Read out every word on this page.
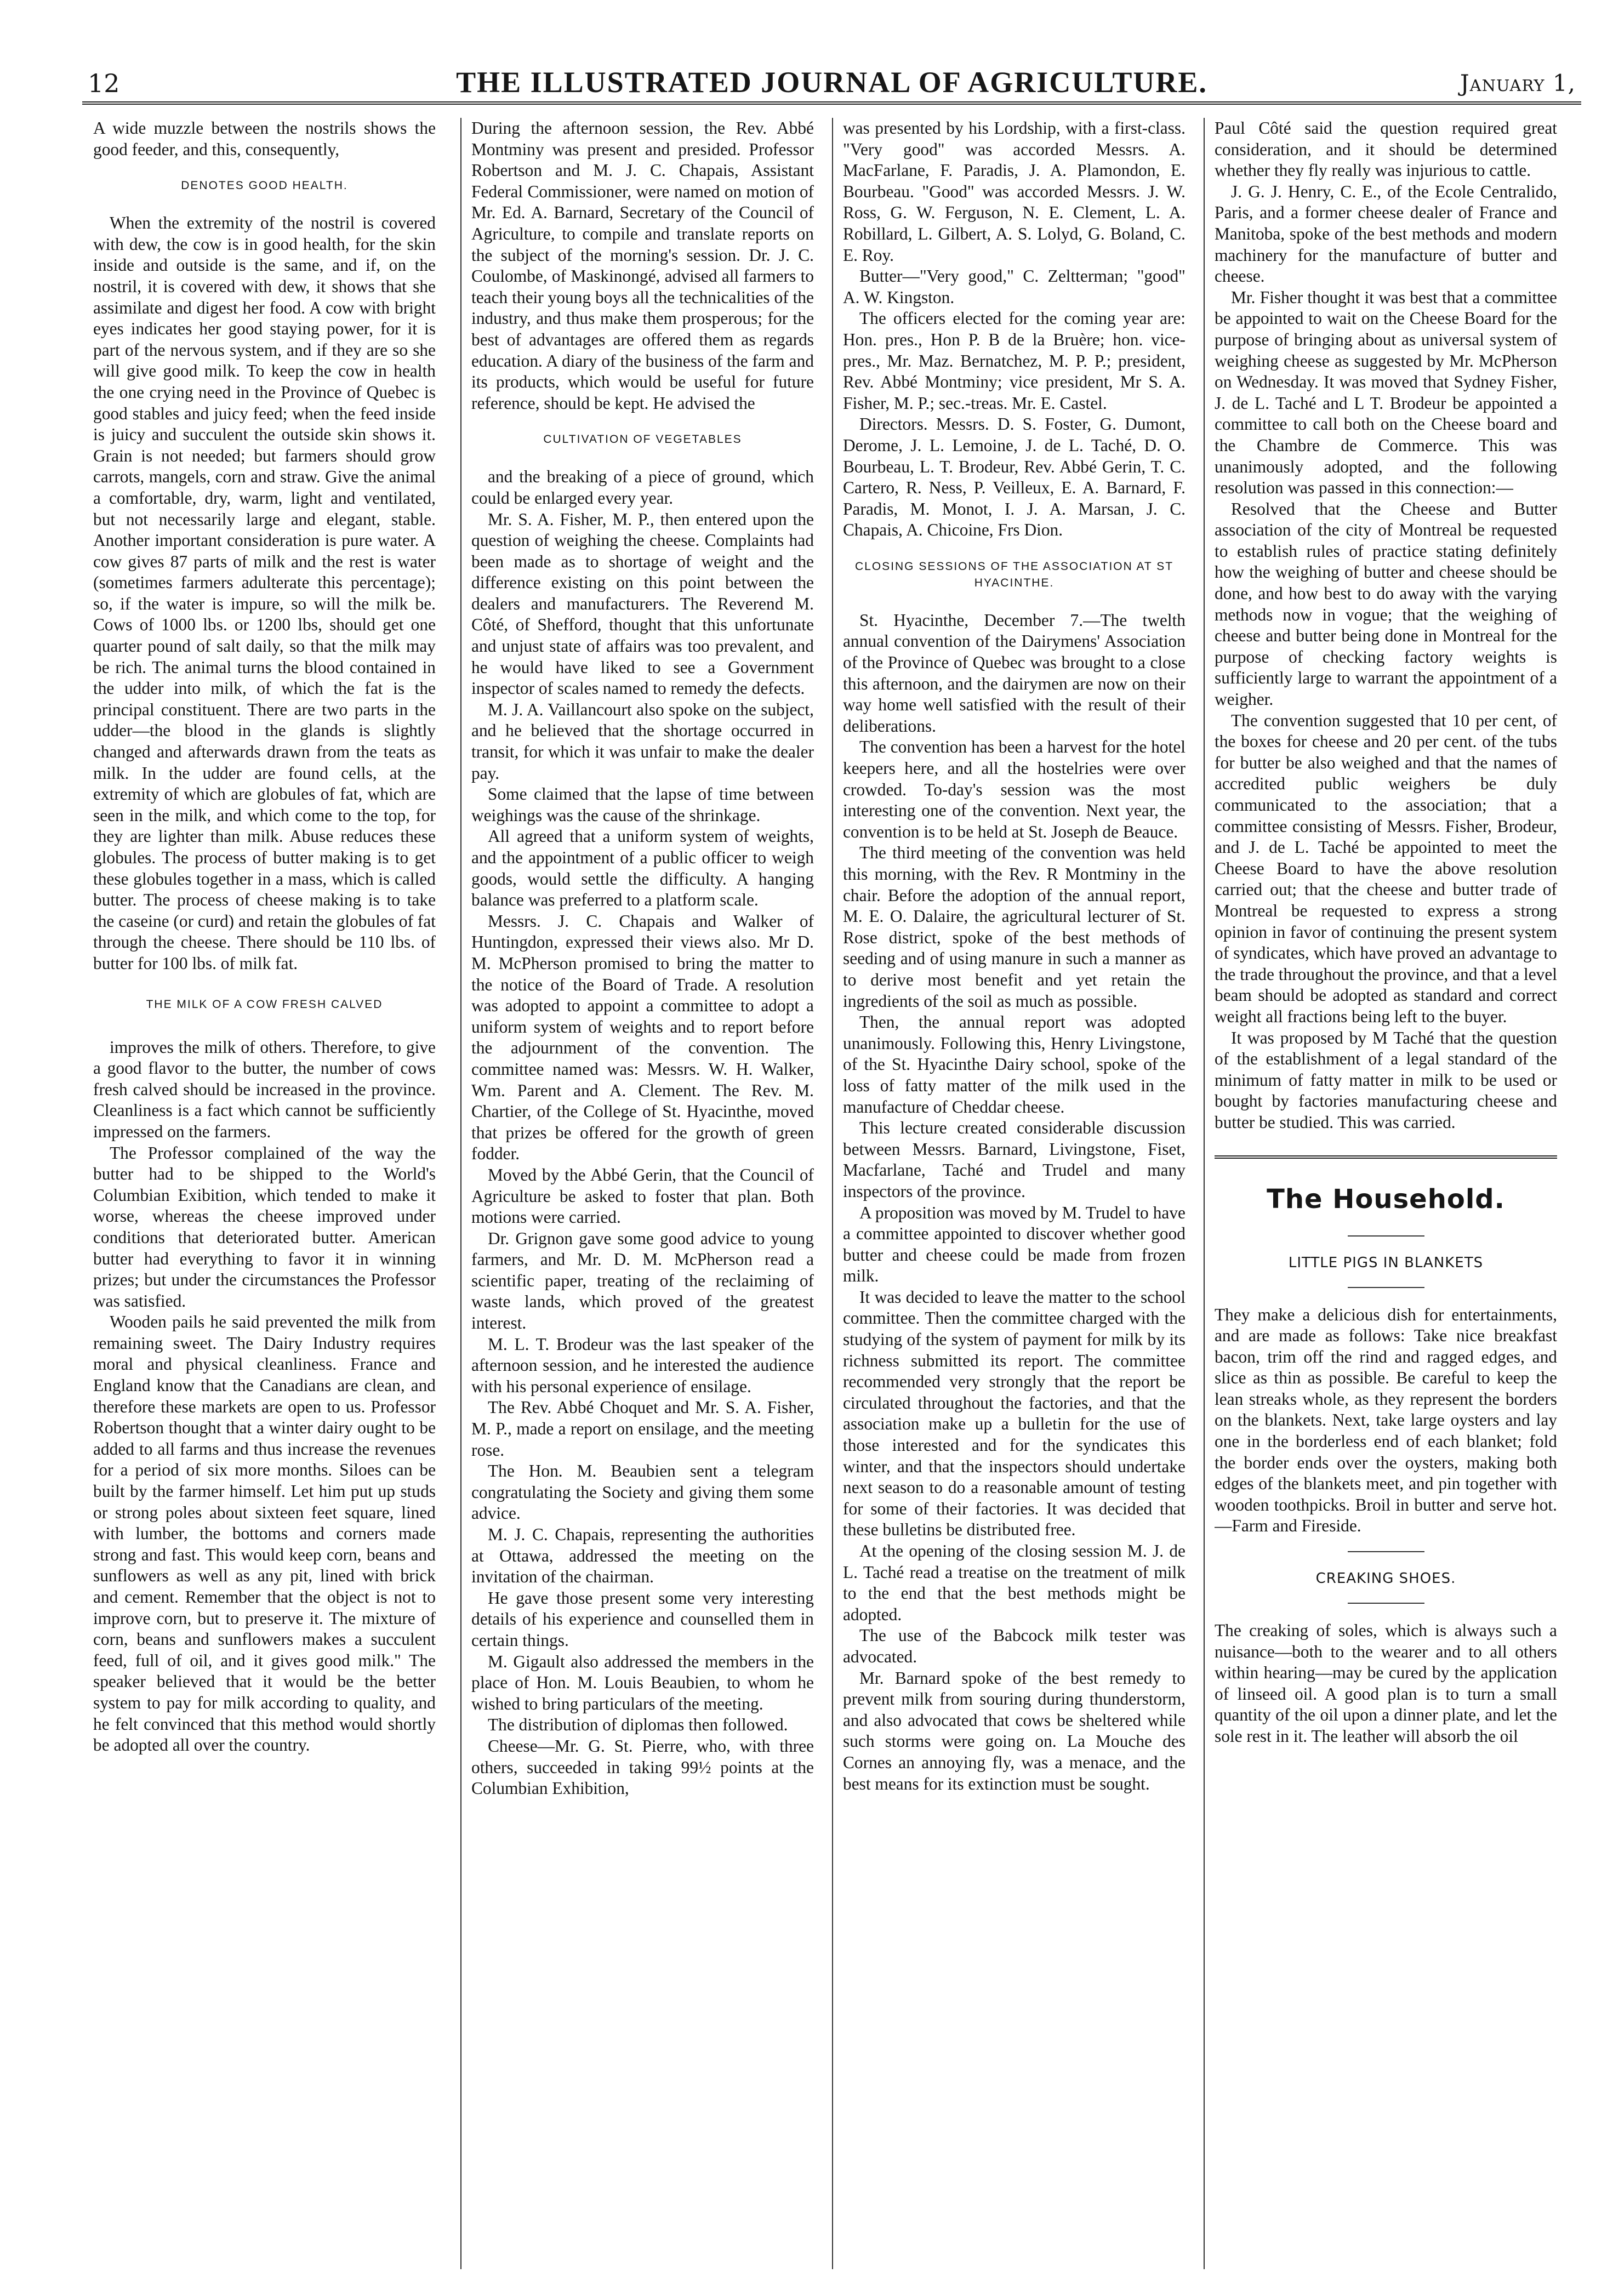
12	THE ILLUSTRATED JOURNAL OF AGRICULTURE.	January 1,

A wide muzzle between the nostrils shows the good feeder, and this, consequently,

DENOTES GOOD HEALTH.

When the extremity of the nostril is covered with dew, the cow is in good health, for the skin inside and outside is the same, and if, on the nostril, it is covered with dew, it shows that she assimilate and digest her food. A cow with bright eyes indicates her good staying power, for it is part of the nervous system, and if they are so she will give good milk. To keep the cow in health the one crying need in the Province of Quebec is good stables and juicy feed; when the feed inside is juicy and succulent the outside skin shows it. Grain is not needed; but farmers should grow carrots, mangels, corn and straw. Give the animal a comfortable, dry, warm, light and ventilated, but not necessarily large and elegant, stable. Another important consideration is pure water. A cow gives 87 parts of milk and the rest is water (sometimes farmers adulterate this percentage); so, if the water is impure, so will the milk be. Cows of 1000 lbs. or 1200 lbs, should get one quarter pound of salt daily, so that the milk may be rich. The animal turns the blood contained in the udder into milk, of which the fat is the principal constituent. There are two parts in the udder—the blood in the glands is slightly changed and afterwards drawn from the teats as milk. In the udder are found cells, at the extremity of which are globules of fat, which are seen in the milk, and which come to the top, for they are lighter than milk. Abuse reduces these globules. The process of butter making is to get these globules together in a mass, which is called butter. The process of cheese making is to take the caseine (or curd) and retain the globules of fat through the cheese. There should be 110 lbs. of butter for 100 lbs. of milk fat.

THE MILK OF A COW FRESH CALVED

improves the milk of others. Therefore, to give a good flavor to the butter, the number of cows fresh calved should be increased in the province. Cleanliness is a fact which cannot be sufficiently impressed on the farmers.

The Professor complained of the way the butter had to be shipped to the World's Columbian Exibition, which tended to make it worse, whereas the cheese improved under conditions that deteriorated butter. American butter had everything to favor it in winning prizes; but under the circumstances the Professor was satisfied.

Wooden pails he said prevented the milk from remaining sweet. The Dairy Industry requires moral and physical cleanliness. France and England know that the Canadians are clean, and therefore these markets are open to us. Professor Robertson thought that a winter dairy ought to be added to all farms and thus increase the revenues for a period of six more months. Siloes can be built by the farmer himself. Let him put up studs or strong poles about sixteen feet square, lined with lumber, the bottoms and corners made strong and fast. This would keep corn, beans and sunflowers as well as any pit, lined with brick and cement. Remember that the object is not to improve corn, but to preserve it. The mixture of corn, beans and sunflowers makes a succulent feed, full of oil, and it gives good milk." The speaker believed that it would be the better system to pay for milk according to quality, and he felt convinced that this method would shortly be adopted all over the country.

During the afternoon session, the Rev. Abbé Montminy was present and presided. Professor Robertson and M. J. C. Chapais, Assistant Federal Commissioner, were named on motion of Mr. Ed. A. Barnard, Secretary of the Council of Agriculture, to compile and translate reports on the subject of the morning's session. Dr. J. C. Coulombe, of Maskinongé, advised all farmers to teach their young boys all the technicalities of the industry, and thus make them prosperous; for the best of advantages are offered them as regards education. A diary of the business of the farm and its products, which would be useful for future reference, should be kept. He advised the

CULTIVATION OF VEGETABLES

and the breaking of a piece of ground, which could be enlarged every year.

Mr. S. A. Fisher, M. P., then entered upon the question of weighing the cheese. Complaints had been made as to shortage of weight and the difference existing on this point between the dealers and manufacturers. The Reverend M. Côté, of Shefford, thought that this unfortunate and unjust state of affairs was too prevalent, and he would have liked to see a Government inspector of scales named to remedy the defects.

M. J. A. Vaillancourt also spoke on the subject, and he believed that the shortage occurred in transit, for which it was unfair to make the dealer pay.

Some claimed that the lapse of time between weighings was the cause of the shrinkage.

All agreed that a uniform system of weights, and the appointment of a public officer to weigh goods, would settle the difficulty. A hanging balance was preferred to a platform scale.

Messrs. J. C. Chapais and Walker of Huntingdon, expressed their views also. Mr D. M. McPherson promised to bring the matter to the notice of the Board of Trade. A resolution was adopted to appoint a committee to adopt a uniform system of weights and to report before the adjournment of the convention. The committee named was: Messrs. W. H. Walker, Wm. Parent and A. Clement. The Rev. M. Chartier, of the College of St. Hyacinthe, moved that prizes be offered for the growth of green fodder.

Moved by the Abbé Gerin, that the Council of Agriculture be asked to foster that plan. Both motions were carried.

Dr. Grignon gave some good advice to young farmers, and Mr. D. M. McPherson read a scientific paper, treating of the reclaiming of waste lands, which proved of the greatest interest.

M. L. T. Brodeur was the last speaker of the afternoon session, and he interested the audience with his personal experience of ensilage.

The Rev. Abbé Choquet and Mr. S. A. Fisher, M. P., made a report on ensilage, and the meeting rose.

The Hon. M. Beaubien sent a telegram congratulating the Society and giving them some advice.

M. J. C. Chapais, representing the authorities at Ottawa, addressed the meeting on the invitation of the chairman.

He gave those present some very interesting details of his experience and counselled them in certain things.

M. Gigault also addressed the members in the place of Hon. M. Louis Beaubien, to whom he wished to bring particulars of the meeting.

The distribution of diplomas then followed.

Cheese—Mr. G. St. Pierre, who, with three others, succeeded in taking 99½ points at the Columbian Exhibition,

was presented by his Lordship, with a first-class. "Very good" was accorded Messrs. A. MacFarlane, F. Paradis, J. A. Plamondon, E. Bourbeau. "Good" was accorded Messrs. J. W. Ross, G. W. Ferguson, N. E. Clement, L. A. Robillard, L. Gilbert, A. S. Lolyd, G. Boland, C. E. Roy.

Butter—"Very good," C. Zeltterman; "good" A. W. Kingston.

The officers elected for the coming year are: Hon. pres., Hon P. B de la Bruère; hon. vice-pres., Mr. Maz. Bernatchez, M. P. P.; president, Rev. Abbé Montminy; vice president, Mr S. A. Fisher, M. P.; sec.-treas. Mr. E. Castel.

Directors. Messrs. D. S. Foster, G. Dumont, Derome, J. L. Lemoine, J. de L. Taché, D. O. Bourbeau, L. T. Brodeur, Rev. Abbé Gerin, T. C. Cartero, R. Ness, P. Veilleux, E. A. Barnard, F. Paradis, M. Monot, I. J. A. Marsan, J. C. Chapais, A. Chicoine, Frs Dion.

CLOSING SESSIONS OF THE ASSOCIATION AT ST HYACINTHE.

St. Hyacinthe, December 7.—The twelth annual convention of the Dairymens' Association of the Province of Quebec was brought to a close this afternoon, and the dairymen are now on their way home well satisfied with the result of their deliberations.

The convention has been a harvest for the hotel keepers here, and all the hostelries were over crowded. To-day's session was the most interesting one of the convention. Next year, the convention is to be held at St. Joseph de Beauce.

The third meeting of the convention was held this morning, with the Rev. R Montminy in the chair. Before the adoption of the annual report, M. E. O. Dalaire, the agricultural lecturer of St. Rose district, spoke of the best methods of seeding and of using manure in such a manner as to derive most benefit and yet retain the ingredients of the soil as much as possible.

Then, the annual report was adopted unanimously. Following this, Henry Livingstone, of the St. Hyacinthe Dairy school, spoke of the loss of fatty matter of the milk used in the manufacture of Cheddar cheese.

This lecture created considerable discussion between Messrs. Barnard, Livingstone, Fiset, Macfarlane, Taché and Trudel and many inspectors of the province.

A proposition was moved by M. Trudel to have a committee appointed to discover whether good butter and cheese could be made from frozen milk.

It was decided to leave the matter to the school committee. Then the committee charged with the studying of the system of payment for milk by its richness submitted its report. The committee recommended very strongly that the report be circulated throughout the factories, and that the association make up a bulletin for the use of those interested and for the syndicates this winter, and that the inspectors should undertake next season to do a reasonable amount of testing for some of their factories. It was decided that these bulletins be distributed free.

At the opening of the closing session M. J. de L. Taché read a treatise on the treatment of milk to the end that the best methods might be adopted.

The use of the Babcock milk tester was advocated.

Mr. Barnard spoke of the best remedy to prevent milk from souring during thunderstorm, and also advocated that cows be sheltered while such storms were going on. La Mouche des Cornes an annoying fly, was a menace, and the best means for its extinction must be sought.

Paul Côté said the question required great consideration, and it should be determined whether they fly really was injurious to cattle.

J. G. J. Henry, C. E., of the Ecole Centralido, Paris, and a former cheese dealer of France and Manitoba, spoke of the best methods and modern machinery for the manufacture of butter and cheese.

Mr. Fisher thought it was best that a committee be appointed to wait on the Cheese Board for the purpose of bringing about as universal system of weighing cheese as suggested by Mr. McPherson on Wednesday. It was moved that Sydney Fisher, J. de L. Taché and L T. Brodeur be appointed a committee to call both on the Cheese board and the Chambre de Commerce. This was unanimously adopted, and the following resolution was passed in this connection:—

Resolved that the Cheese and Butter association of the city of Montreal be requested to establish rules of practice stating definitely how the weighing of butter and cheese should be done, and how best to do away with the varying methods now in vogue; that the weighing of cheese and butter being done in Montreal for the purpose of checking factory weights is sufficiently large to warrant the appointment of a weigher.

The convention suggested that 10 per cent, of the boxes for cheese and 20 per cent. of the tubs for butter be also weighed and that the names of accredited public weighers be duly communicated to the association; that a committee consisting of Messrs. Fisher, Brodeur, and J. de L. Taché be appointed to meet the Cheese Board to have the above resolution carried out; that the cheese and butter trade of Montreal be requested to express a strong opinion in favor of continuing the present system of syndicates, which have proved an advantage to the trade throughout the province, and that a level beam should be adopted as standard and correct weight all fractions being left to the buyer.

It was proposed by M Taché that the question of the establishment of a legal standard of the minimum of fatty matter in milk to be used or bought by factories manufacturing cheese and butter be studied. This was carried.

The Household.

LITTLE PIGS IN BLANKETS

They make a delicious dish for entertainments, and are made as follows: Take nice breakfast bacon, trim off the rind and ragged edges, and slice as thin as possible. Be careful to keep the lean streaks whole, as they represent the borders on the blankets. Next, take large oysters and lay one in the borderless end of each blanket; fold the border ends over the oysters, making both edges of the blankets meet, and pin together with wooden toothpicks. Broil in butter and serve hot.—Farm and Fireside.

CREAKING SHOES.

The creaking of soles, which is always such a nuisance—both to the wearer and to all others within hearing—may be cured by the application of linseed oil. A good plan is to turn a small quantity of the oil upon a dinner plate, and let the sole rest in it. The leather will absorb the oil
